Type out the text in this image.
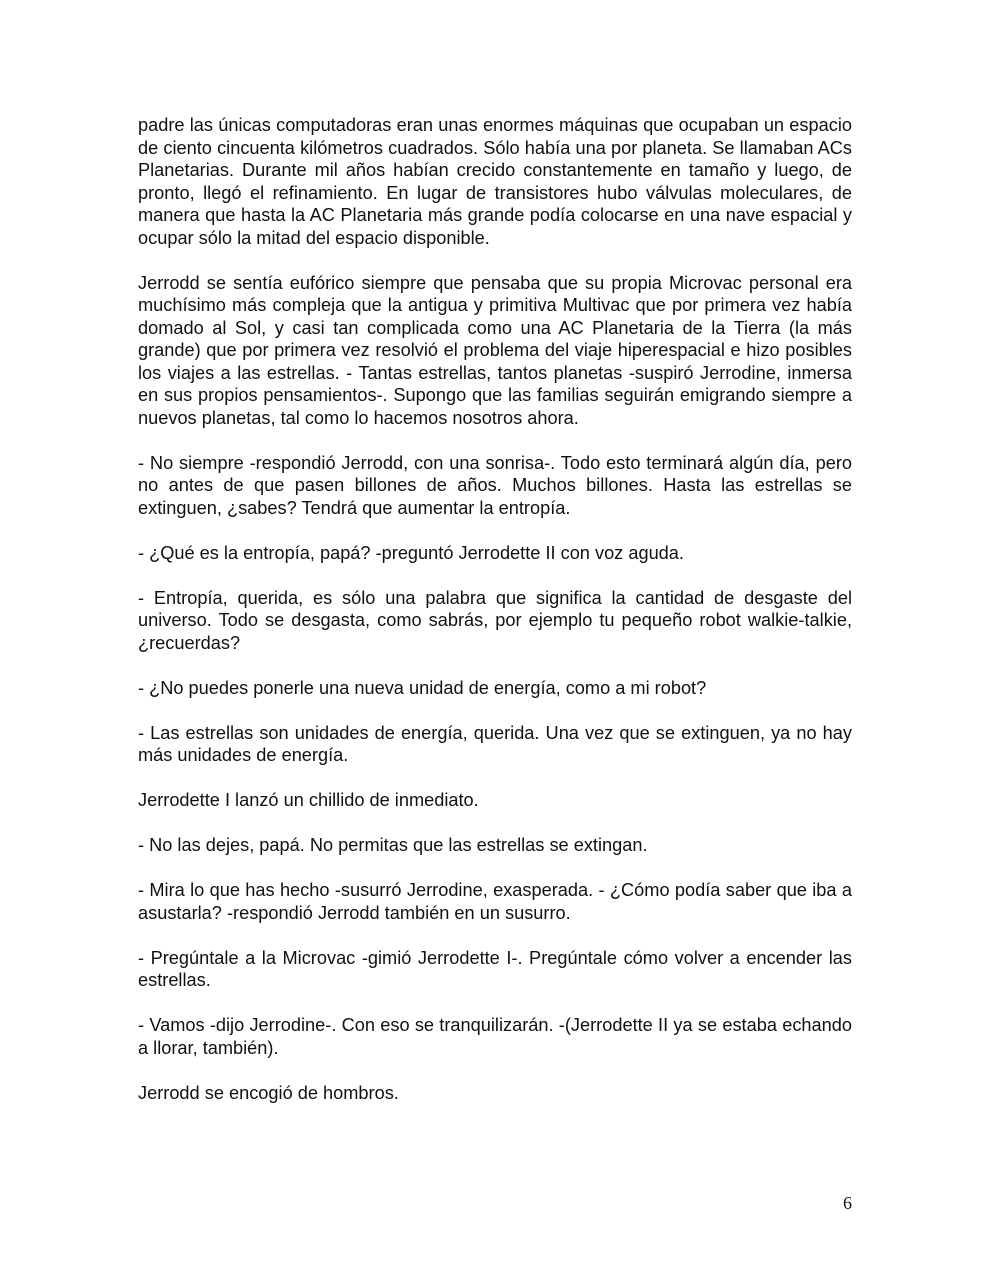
padre las únicas computadoras eran unas enormes máquinas que ocupaban un espacio de ciento cincuenta kilómetros cuadrados. Sólo había una por planeta. Se llamaban ACs Planetarias. Durante mil años habían crecido constantemente en tamaño y luego, de pronto, llegó el refinamiento. En lugar de transistores hubo válvulas moleculares, de manera que hasta la AC Planetaria más grande podía colocarse en una nave espacial y ocupar sólo la mitad del espacio disponible.

Jerrodd se sentía eufórico siempre que pensaba que su propia Microvac personal era muchísimo más compleja que la antigua y primitiva Multivac que por primera vez había domado al Sol, y casi tan complicada como una AC Planetaria de la Tierra (la más grande) que por primera vez resolvió el problema del viaje hiperespacial e hizo posibles los viajes a las estrellas. - Tantas estrellas, tantos planetas -suspiró Jerrodine, inmersa en sus propios pensamientos-. Supongo que las familias seguirán emigrando siempre a nuevos planetas, tal como lo hacemos nosotros ahora.

- No siempre -respondió Jerrodd, con una sonrisa-. Todo esto terminará algún día, pero no antes de que pasen billones de años. Muchos billones. Hasta las estrellas se extinguen, ¿sabes? Tendrá que aumentar la entropía.

- ¿Qué es la entropía, papá? -preguntó Jerrodette II con voz aguda.

- Entropía, querida, es sólo una palabra que significa la cantidad de desgaste del universo. Todo se desgasta, como sabrás, por ejemplo tu pequeño robot walkie-talkie, ¿recuerdas?

- ¿No puedes ponerle una nueva unidad de energía, como a mi robot?

- Las estrellas son unidades de energía, querida. Una vez que se extinguen, ya no hay más unidades de energía.

Jerrodette I lanzó un chillido de inmediato.

- No las dejes, papá. No permitas que las estrellas se extingan.

- Mira lo que has hecho -susurró Jerrodine, exasperada. - ¿Cómo podía saber que iba a asustarla? -respondió Jerrodd también en un susurro.

- Pregúntale a la Microvac -gimió Jerrodette I-. Pregúntale cómo volver a encender las estrellas.

- Vamos -dijo Jerrodine-. Con eso se tranquilizarán. -(Jerrodette II ya se estaba echando a llorar, también).

Jerrodd se encogió de hombros.

6
